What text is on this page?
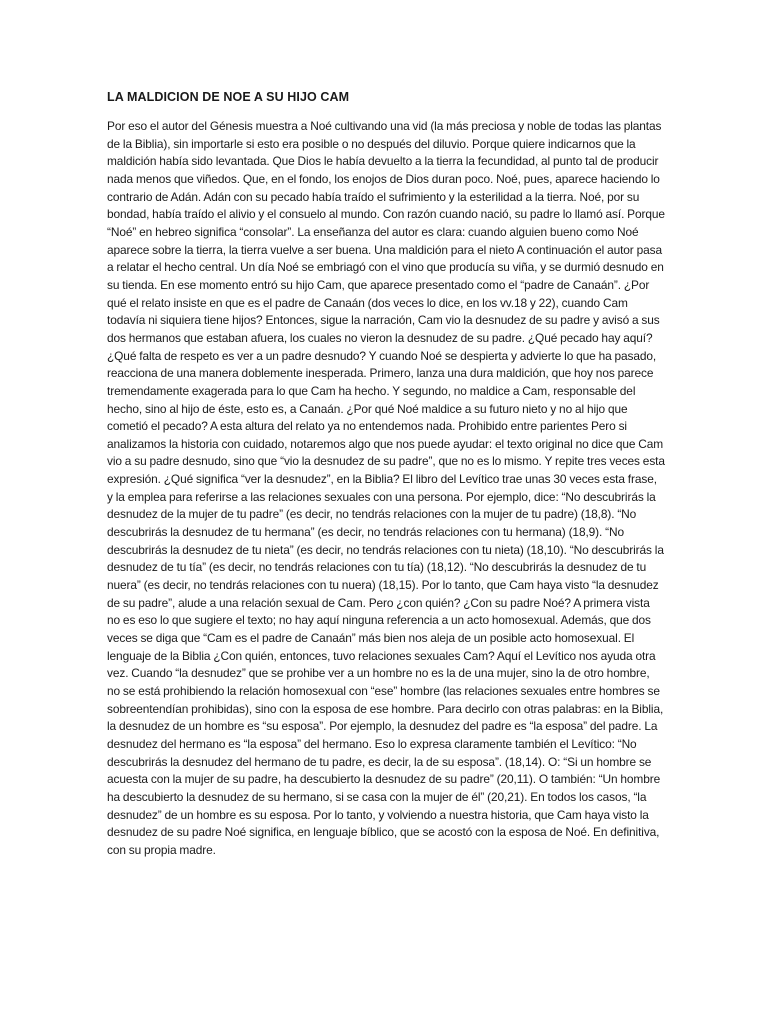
LA MALDICION DE NOE A SU HIJO CAM

Por eso el autor del Génesis muestra a Noé cultivando una vid (la más preciosa y noble de todas las plantas de la Biblia), sin importarle si esto era posible o no después del diluvio. Porque quiere indicarnos que la maldición había sido levantada. Que Dios le había devuelto a la tierra la fecundidad, al punto tal de producir nada menos que viñedos. Que, en el fondo, los enojos de Dios duran poco. Noé, pues, aparece haciendo lo contrario de Adán. Adán con su pecado había traído el sufrimiento y la esterilidad a la tierra. Noé, por su bondad, había traído el alivio y el consuelo al mundo. Con razón cuando nació, su padre lo llamó así. Porque “Noé” en hebreo significa “consolar”. La enseñanza del autor es clara: cuando alguien bueno como Noé aparece sobre la tierra, la tierra vuelve a ser buena. Una maldición para el nieto A continuación el autor pasa a relatar el hecho central. Un día Noé se embriagó con el vino que producía su viña, y se durmió desnudo en su tienda. En ese momento entró su hijo Cam, que aparece presentado como el “padre de Canaán”. ¿Por qué el relato insiste en que es el padre de Canaán (dos veces lo dice, en los vv.18 y 22), cuando Cam todavía ni siquiera tiene hijos? Entonces, sigue la narración, Cam vio la desnudez de su padre y avisó a sus dos hermanos que estaban afuera, los cuales no vieron la desnudez de su padre. ¿Qué pecado hay aquí? ¿Qué falta de respeto es ver a un padre desnudo? Y cuando Noé se despierta y advierte lo que ha pasado, reacciona de una manera doblemente inesperada. Primero, lanza una dura maldición, que hoy nos parece tremendamente exagerada para lo que Cam ha hecho. Y segundo, no maldice a Cam, responsable del hecho, sino al hijo de éste, esto es, a Canaán. ¿Por qué Noé maldice a su futuro nieto y no al hijo que cometió el pecado? A esta altura del relato ya no entendemos nada. Prohibido entre parientes Pero si analizamos la historia con cuidado, notaremos algo que nos puede ayudar: el texto original no dice que Cam vio a su padre desnudo, sino que “vio la desnudez de su padre”, que no es lo mismo. Y repite tres veces esta expresión. ¿Qué significa “ver la desnudez”, en la Biblia? El libro del Levítico trae unas 30 veces esta frase, y la emplea para referirse a las relaciones sexuales con una persona. Por ejemplo, dice: “No descubrirás la desnudez de la mujer de tu padre” (es decir, no tendrás relaciones con la mujer de tu padre) (18,8). “No descubrirás la desnudez de tu hermana” (es decir, no tendrás relaciones con tu hermana) (18,9). “No descubrirás la desnudez de tu nieta” (es decir, no tendrás relaciones con tu nieta) (18,10). “No descubrirás la desnudez de tu tía” (es decir, no tendrás relaciones con tu tía) (18,12). “No descubrirás la desnudez de tu nuera” (es decir, no tendrás relaciones con tu nuera) (18,15). Por lo tanto, que Cam haya visto “la desnudez de su padre”, alude a una relación sexual de Cam. Pero ¿con quién? ¿Con su padre Noé? A primera vista no es eso lo que sugiere el texto; no hay aquí ninguna referencia a un acto homosexual. Además, que dos veces se diga que “Cam es el padre de Canaán” más bien nos aleja de un posible acto homosexual. El lenguaje de la Biblia ¿Con quién, entonces, tuvo relaciones sexuales Cam? Aquí el Levítico nos ayuda otra vez. Cuando “la desnudez” que se prohibe ver a un hombre no es la de una mujer, sino la de otro hombre, no se está prohibiendo la relación homosexual con “ese” hombre (las relaciones sexuales entre hombres se sobreentendían prohibidas), sino con la esposa de ese hombre. Para decirlo con otras palabras: en la Biblia, la desnudez de un hombre es “su esposa”. Por ejemplo, la desnudez del padre es “la esposa” del padre. La desnudez del hermano es “la esposa” del hermano. Eso lo expresa claramente también el Levítico: “No descubrirás la desnudez del hermano de tu padre, es decir, la de su esposa”. (18,14). O: “Si un hombre se acuesta con la mujer de su padre, ha descubierto la desnudez de su padre” (20,11). O también: “Un hombre ha descubierto la desnudez de su hermano, si se casa con la mujer de él” (20,21). En todos los casos, “la desnudez” de un hombre es su esposa. Por lo tanto, y volviendo a nuestra historia, que Cam haya visto la desnudez de su padre Noé significa, en lenguaje bíblico, que se acostó con la esposa de Noé. En definitiva, con su propia madre.
